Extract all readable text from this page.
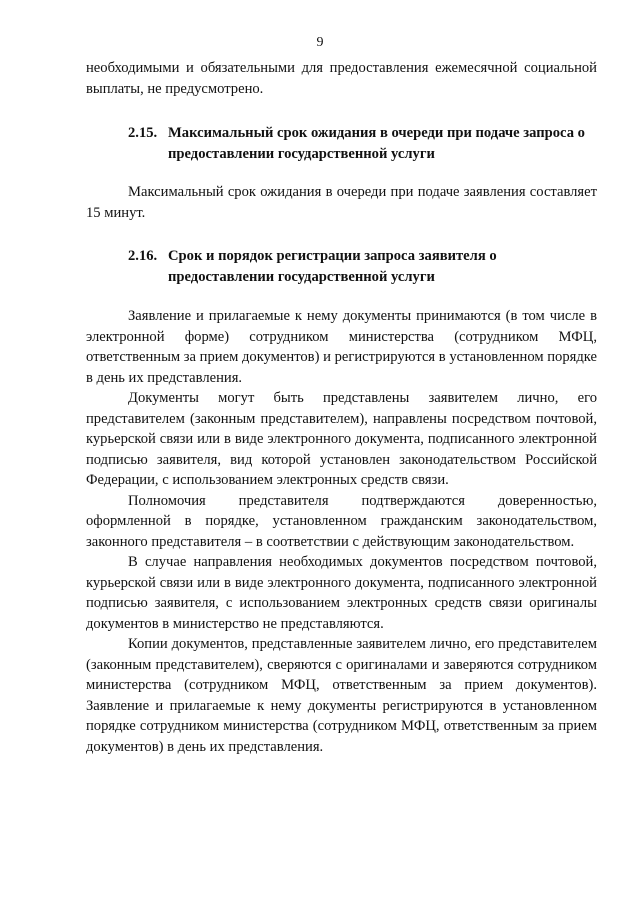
9

необходимыми и обязательными для предоставления ежемесячной социальной выплаты, не предусмотрено.

2.15. Максимальный срок ожидания в очереди при подаче запроса о предоставлении государственной услуги

Максимальный срок ожидания в очереди при подаче заявления составляет 15 минут.

2.16. Срок и порядок регистрации запроса заявителя о предоставлении государственной услуги

Заявление и прилагаемые к нему документы принимаются (в том числе в электронной форме) сотрудником министерства (сотрудником МФЦ, ответственным за прием документов) и регистрируются в установленном порядке в день их представления.

Документы могут быть представлены заявителем лично, его представителем (законным представителем), направлены посредством почтовой, курьерской связи или в виде электронного документа, подписанного электронной подписью заявителя, вид которой установлен законодательством Российской Федерации, с использованием электронных средств связи.

Полномочия представителя подтверждаются доверенностью, оформленной в порядке, установленном гражданским законодательством, законного представителя – в соответствии с действующим законодательством.

В случае направления необходимых документов посредством почтовой, курьерской связи или в виде электронного документа, подписанного электронной подписью заявителя, с использованием электронных средств связи оригиналы документов в министерство не представляются.

Копии документов, представленные заявителем лично, его представителем (законным представителем), сверяются с оригиналами и заверяются сотрудником министерства (сотрудником МФЦ, ответственным за прием документов). Заявление и прилагаемые к нему документы регистрируются в установленном порядке сотрудником министерства (сотрудником МФЦ, ответственным за прием документов) в день их представления.
